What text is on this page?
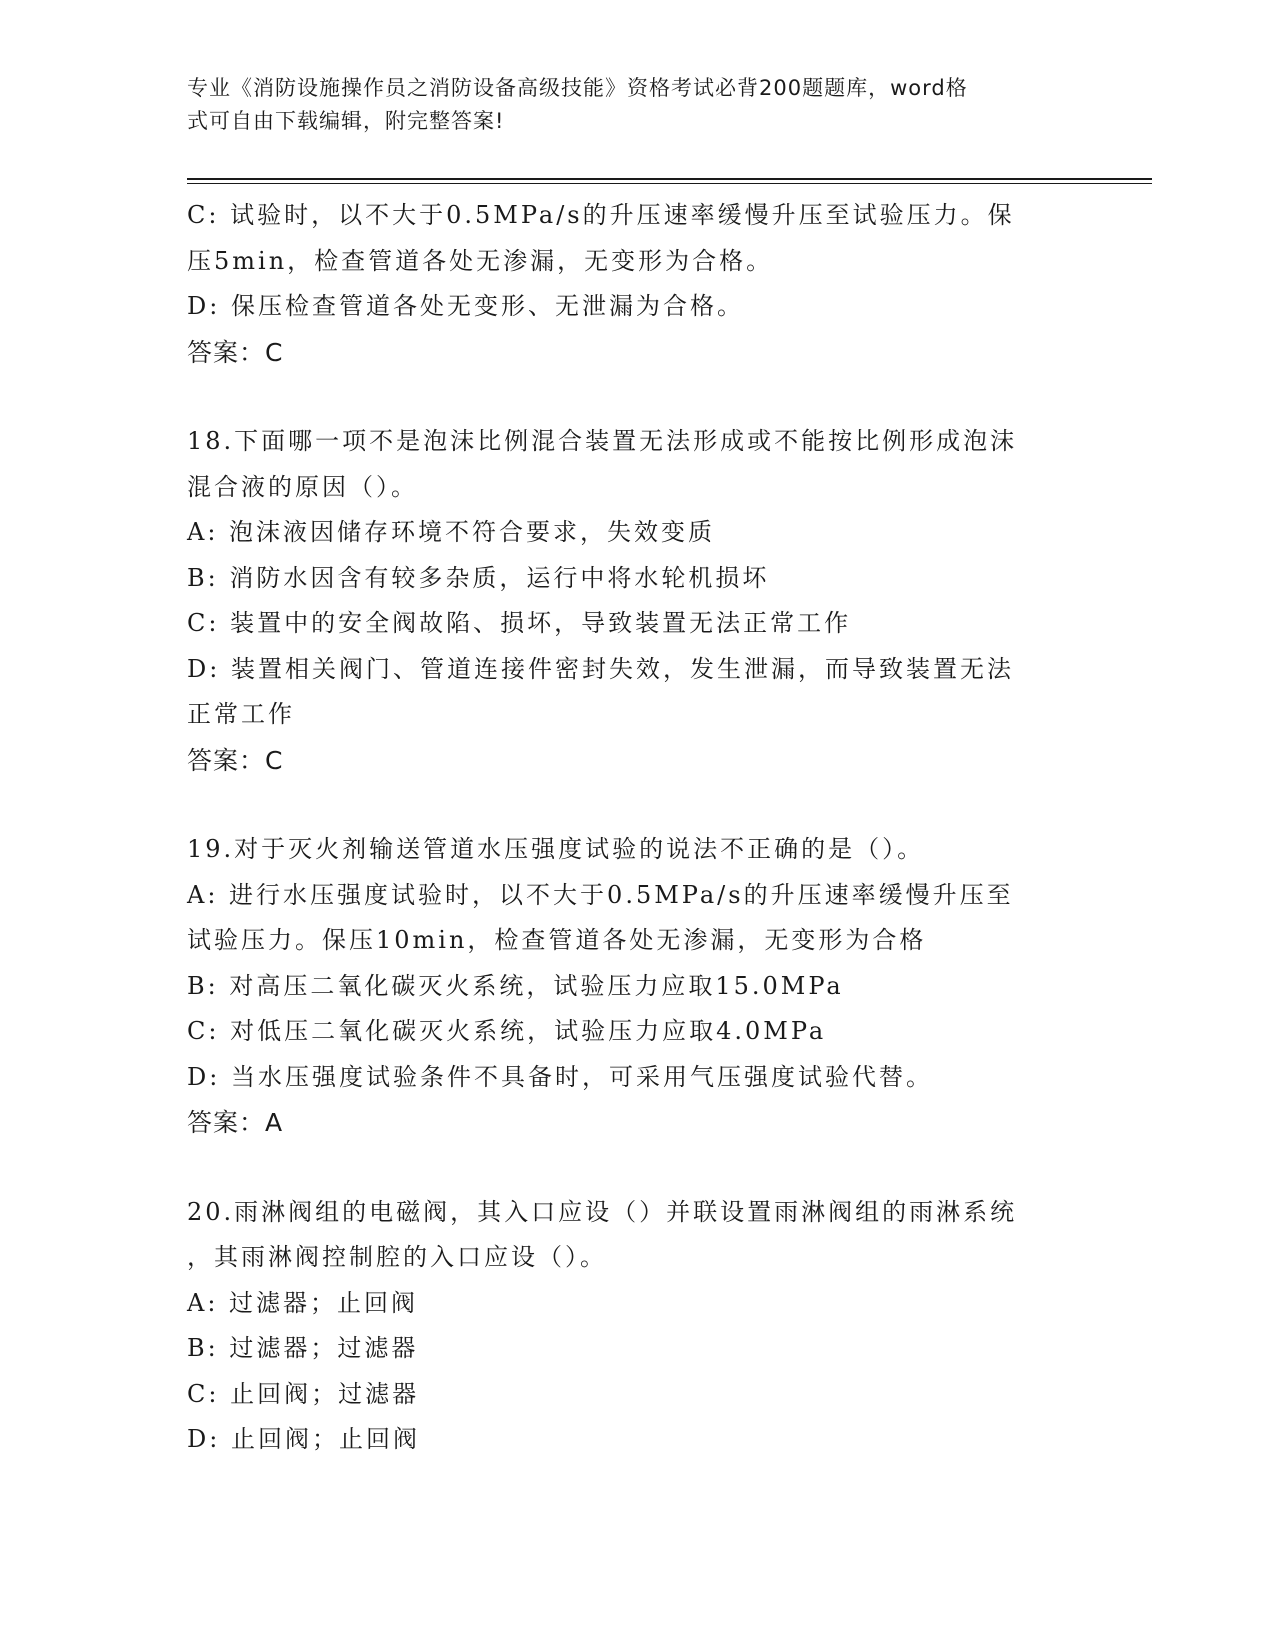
专业《消防设施操作员之消防设备高级技能》资格考试必背200题题库，word格
式可自由下载编辑，附完整答案!
C: 试验时，以不大于0.5MPa/s的升压速率缓慢升压至试验压力。保
压5min，检查管道各处无渗漏，无变形为合格。
D: 保压检查管道各处无变形、无泄漏为合格。
答案：C
18.下面哪一项不是泡沫比例混合装置无法形成或不能按比例形成泡沫
混合液的原因（）。
A: 泡沫液因储存环境不符合要求，失效变质
B: 消防水因含有较多杂质，运行中将水轮机损坏
C: 装置中的安全阀故陷、损坏，导致装置无法正常工作
D: 装置相关阀门、管道连接件密封失效，发生泄漏，而导致装置无法
正常工作
答案：C
19.对于灭火剂输送管道水压强度试验的说法不正确的是（）。
A: 进行水压强度试验时，以不大于0.5MPa/s的升压速率缓慢升压至
试验压力。保压10min，检查管道各处无渗漏，无变形为合格
B: 对高压二氧化碳灭火系统，试验压力应取15.0MPa
C: 对低压二氧化碳灭火系统，试验压力应取4.0MPa
D: 当水压强度试验条件不具备时，可采用气压强度试验代替。
答案：A
20.雨淋阀组的电磁阀，其入口应设（）并联设置雨淋阀组的雨淋系统
，其雨淋阀控制腔的入口应设（）。
A: 过滤器；止回阀
B: 过滤器；过滤器
C: 止回阀；过滤器
D: 止回阀；止回阀
